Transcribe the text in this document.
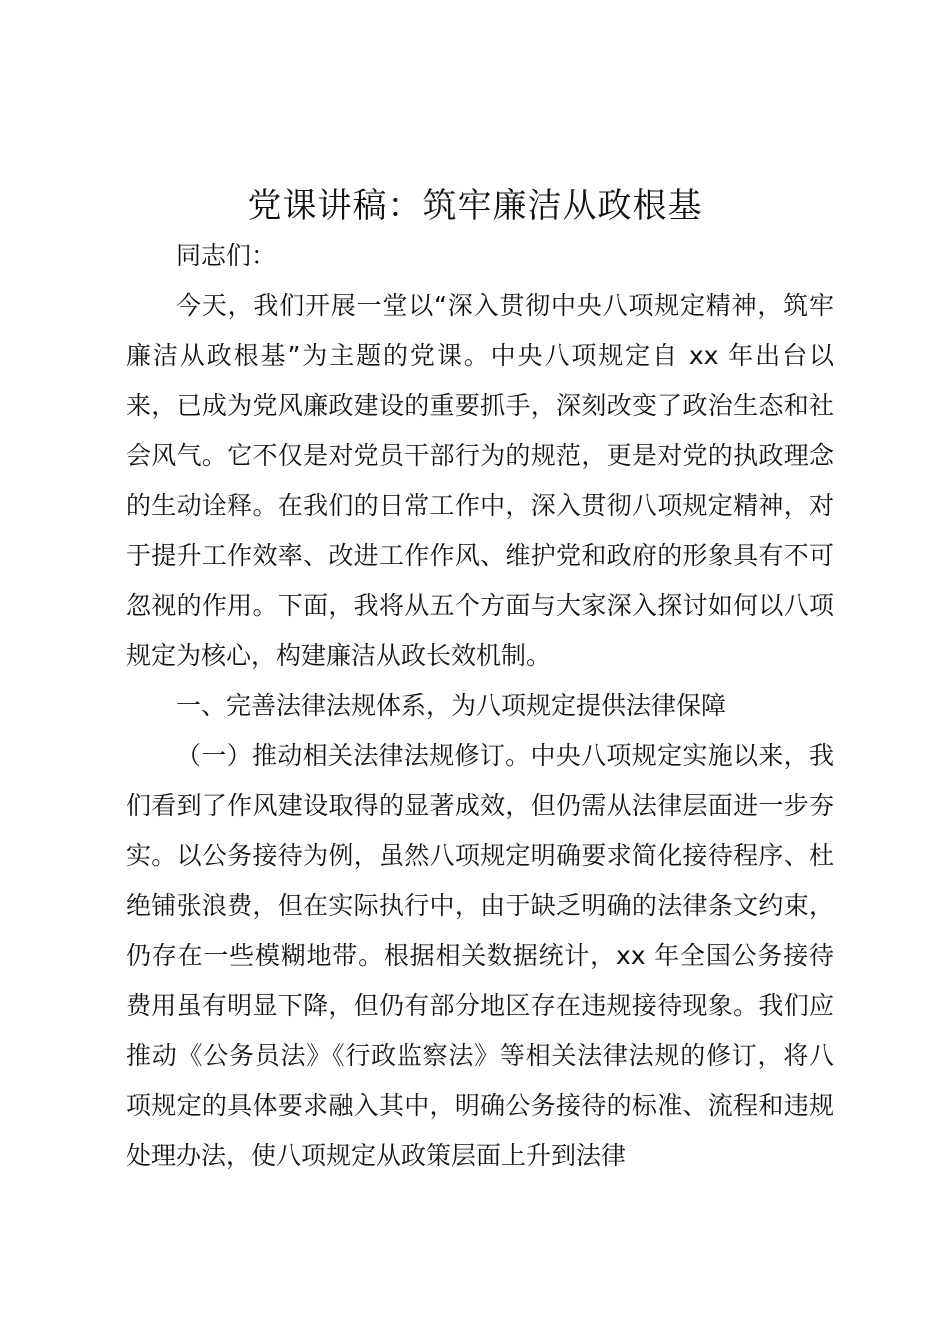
党课讲稿：筑牢廉洁从政根基

同志们：

今天，我们开展一堂以“深入贯彻中央八项规定精神，筑牢廉洁从政根基”为主题的党课。中央八项规定自 xx 年出台以来，已成为党风廉政建设的重要抓手，深刻改变了政治生态和社会风气。它不仅是对党员干部行为的规范，更是对党的执政理念的生动诠释。在我们的日常工作中，深入贯彻八项规定精神，对于提升工作效率、改进工作作风、维护党和政府的形象具有不可忽视的作用。下面，我将从五个方面与大家深入探讨如何以八项规定为核心，构建廉洁从政长效机制。

一、完善法律法规体系，为八项规定提供法律保障

（一）推动相关法律法规修订。中央八项规定实施以来，我们看到了作风建设取得的显著成效，但仍需从法律层面进一步夯实。以公务接待为例，虽然八项规定明确要求简化接待程序、杜绝铺张浪费，但在实际执行中，由于缺乏明确的法律条文约束，仍存在一些模糊地带。根据相关数据统计，xx 年全国公务接待费用虽有明显下降，但仍有部分地区存在违规接待现象。我们应推动《公务员法》《行政监察法》等相关法律法规的修订，将八项规定的具体要求融入其中，明确公务接待的标准、流程和违规处理办法，使八项规定从政策层面上升到法律
